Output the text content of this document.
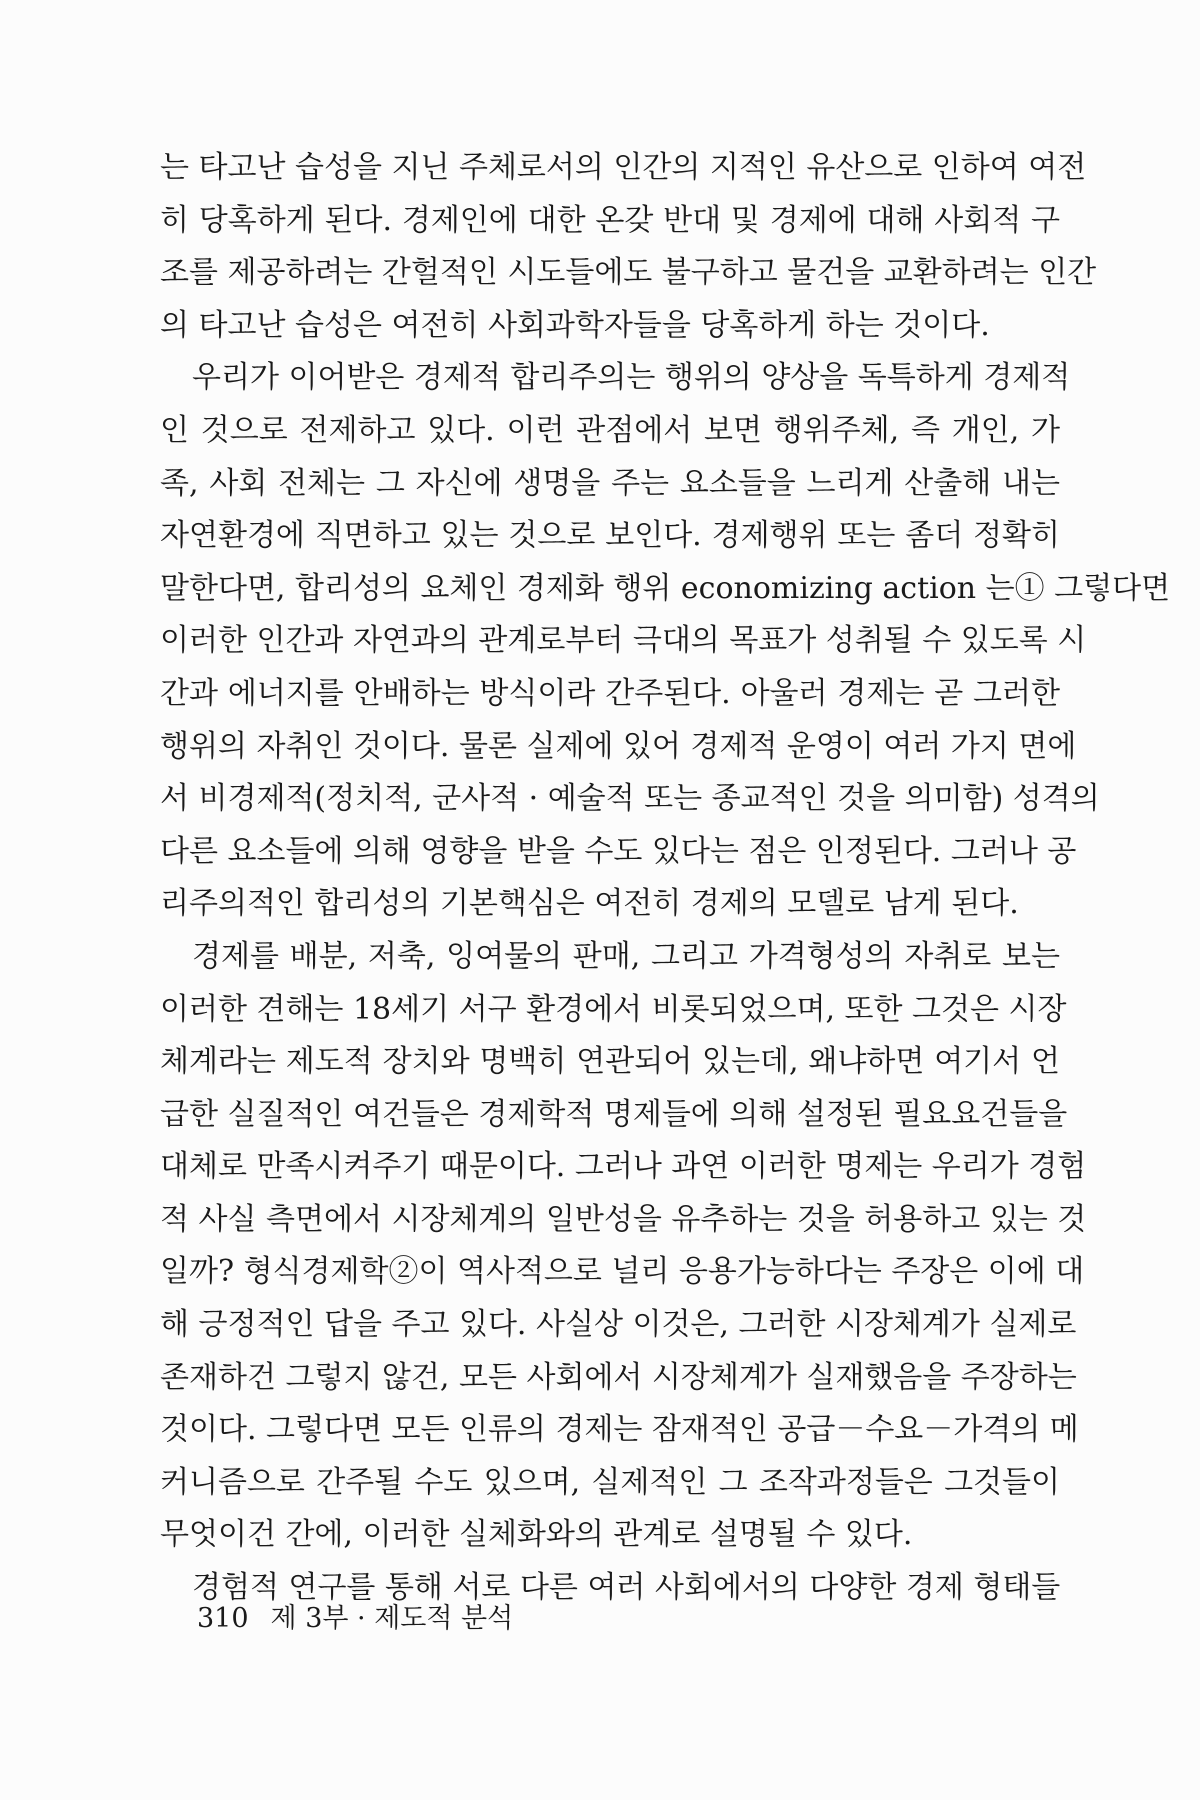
는 타고난 습성을 지닌 주체로서의 인간의 지적인 유산으로 인하여 여전
히 당혹하게 된다. 경제인에 대한 온갖 반대 및 경제에 대해 사회적 구
조를 제공하려는 간헐적인 시도들에도 불구하고 물건을 교환하려는 인간
의 타고난 습성은 여전히 사회과학자들을 당혹하게 하는 것이다.
우리가 이어받은 경제적 합리주의는 행위의 양상을 독특하게 경제적
인 것으로 전제하고 있다. 이런 관점에서 보면 행위주체, 즉 개인, 가
족, 사회 전체는 그 자신에 생명을 주는 요소들을 느리게 산출해 내는
자연환경에 직면하고 있는 것으로 보인다. 경제행위 또는 좀더 정확히
말한다면, 합리성의 요체인 경제화 행위 economizing action 는① 그렇다면
이러한 인간과 자연과의 관계로부터 극대의 목표가 성취될 수 있도록 시
간과 에너지를 안배하는 방식이라 간주된다. 아울러 경제는 곧 그러한
행위의 자취인 것이다. 물론 실제에 있어 경제적 운영이 여러 가지 면에
서 비경제적(정치적, 군사적 · 예술적 또는 종교적인 것을 의미함) 성격의
다른 요소들에 의해 영향을 받을 수도 있다는 점은 인정된다. 그러나 공
리주의적인 합리성의 기본핵심은 여전히 경제의 모델로 남게 된다.
경제를 배분, 저축, 잉여물의 판매, 그리고 가격형성의 자취로 보는
이러한 견해는 18세기 서구 환경에서 비롯되었으며, 또한 그것은 시장
체계라는 제도적 장치와 명백히 연관되어 있는데, 왜냐하면 여기서 언
급한 실질적인 여건들은 경제학적 명제들에 의해 설정된 필요요건들을
대체로 만족시켜주기 때문이다. 그러나 과연 이러한 명제는 우리가 경험
적 사실 측면에서 시장체계의 일반성을 유추하는 것을 허용하고 있는 것
일까? 형식경제학②이 역사적으로 널리 응용가능하다는 주장은 이에 대
해 긍정적인 답을 주고 있다. 사실상 이것은, 그러한 시장체계가 실제로
존재하건 그렇지 않건, 모든 사회에서 시장체계가 실재했음을 주장하는
것이다. 그렇다면 모든 인류의 경제는 잠재적인 공급－수요－가격의 메
커니즘으로 간주될 수도 있으며, 실제적인 그 조작과정들은 그것들이
무엇이건 간에, 이러한 실체화와의 관계로 설명될 수 있다.
경험적 연구를 통해 서로 다른 여러 사회에서의 다양한 경제 형태들
310 제 3부 · 제도적 분석
